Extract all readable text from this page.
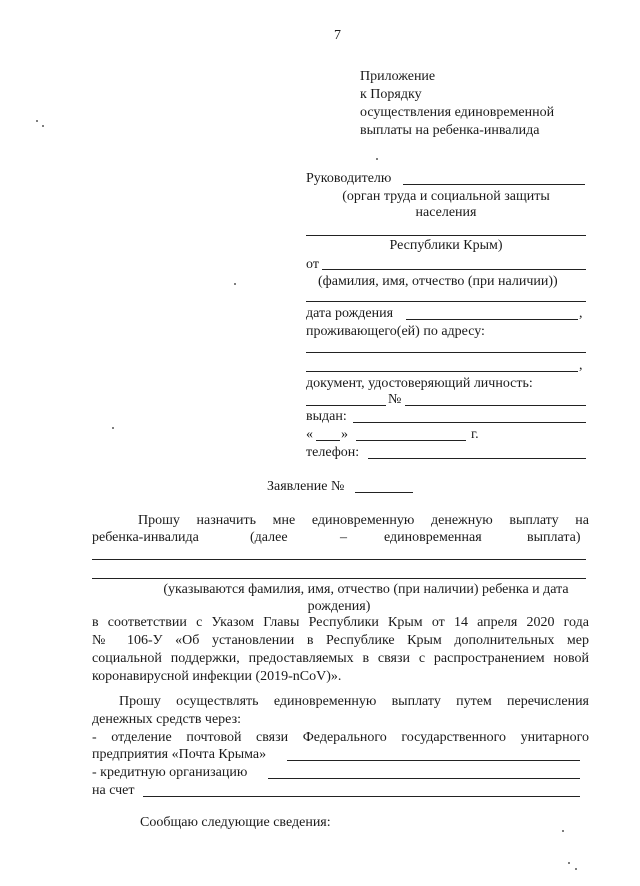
7
Приложение
к Порядку
осуществления единовременной
выплаты на ребенка-инвалида
Руководителю
(орган труда и социальной защиты
населения
Республики Крым)
от
(фамилия, имя, отчество (при наличии))
дата рождения	,
проживающего(ей) по адресу:
,
документ, удостоверяющий личность:
№
выдан:
« »	г.
телефон:
Заявление №
Прошу назначить мне единовременную денежную выплату на
ребенка-инвалида	(далее	–	единовременная	выплата)
(указываются фамилия, имя, отчество (при наличии) ребенка и дата
рождения)
в соответствии с Указом Главы Республики Крым от 14 апреля 2020 года
№ 106-У «Об установлении в Республике Крым дополнительных мер
социальной поддержки, предоставляемых в связи с распространением новой
коронавирусной инфекции (2019-nCoV)».
Прошу осуществлять единовременную выплату путем перечисления
денежных средств через:
- отделение почтовой связи Федерального государственного унитарного
предприятия «Почта Крыма»
- кредитную организацию
на счет
Сообщаю следующие сведения:
